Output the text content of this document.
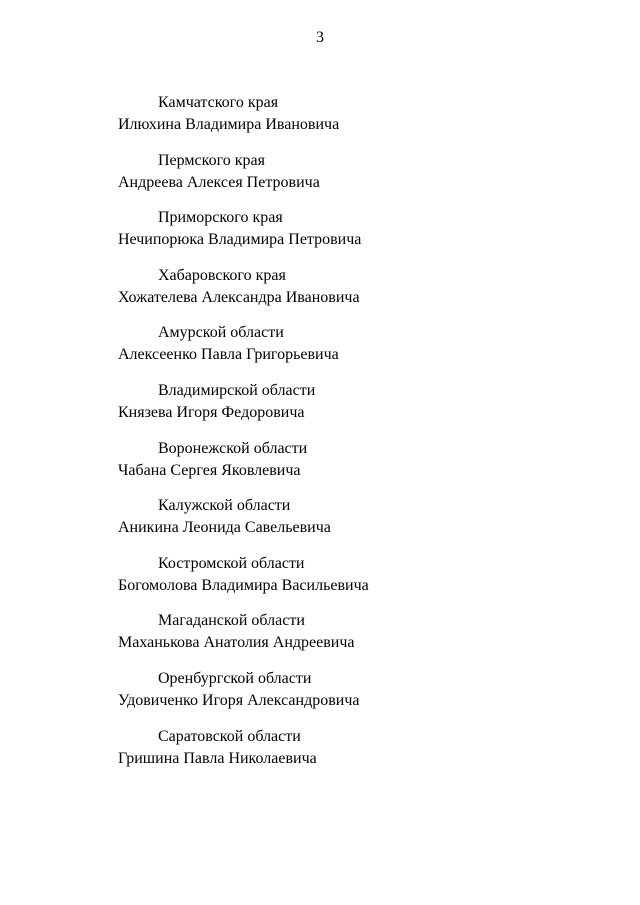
3
Камчатского края
Илюхина Владимира Ивановича
Пермского края
Андреева Алексея Петровича
Приморского края
Нечипорюка Владимира Петровича
Хабаровского края
Хожателева Александра Ивановича
Амурской области
Алексеенко Павла Григорьевича
Владимирской области
Князева Игоря Федоровича
Воронежской области
Чабана Сергея Яковлевича
Калужской области
Аникина Леонида Савельевича
Костромской области
Богомолова Владимира Васильевича
Магаданской области
Маханькова Анатолия Андреевича
Оренбургской области
Удовиченко Игоря Александровича
Саратовской области
Гришина Павла Николаевича
